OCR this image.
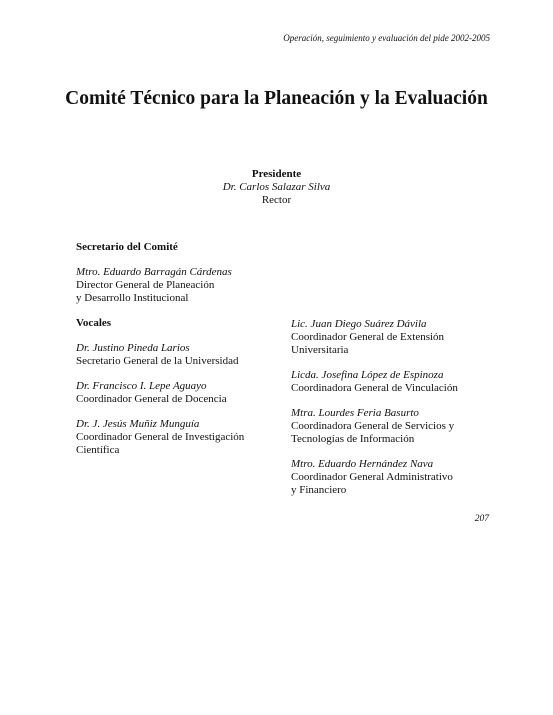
Operación, seguimiento y evaluación del pide 2002-2005
Comité Técnico para la Planeación y la Evaluación
Presidente
Dr. Carlos Salazar Silva
Rector
Secretario del Comité
Mtro. Eduardo Barragán Cárdenas
Director General de Planeación
y Desarrollo Institucional
Vocales
Dr. Justino Pineda Larios
Secretario General de la Universidad
Dr. Francisco I. Lepe Aguayo
Coordinador General de Docencia
Dr. J. Jesús Muñiz Munguía
Coordinador General de Investigación
Científica
Lic. Juan Diego Suárez Dávila
Coordinador General de Extensión
Universitaria
Licda. Josefina López de Espinoza
Coordinadora General de Vinculación
Mtra. Lourdes Feria Basurto
Coordinadora General de Servicios y
Tecnologías de Información
Mtro. Eduardo Hernández Nava
Coordinador General Administrativo
y Financiero
207
